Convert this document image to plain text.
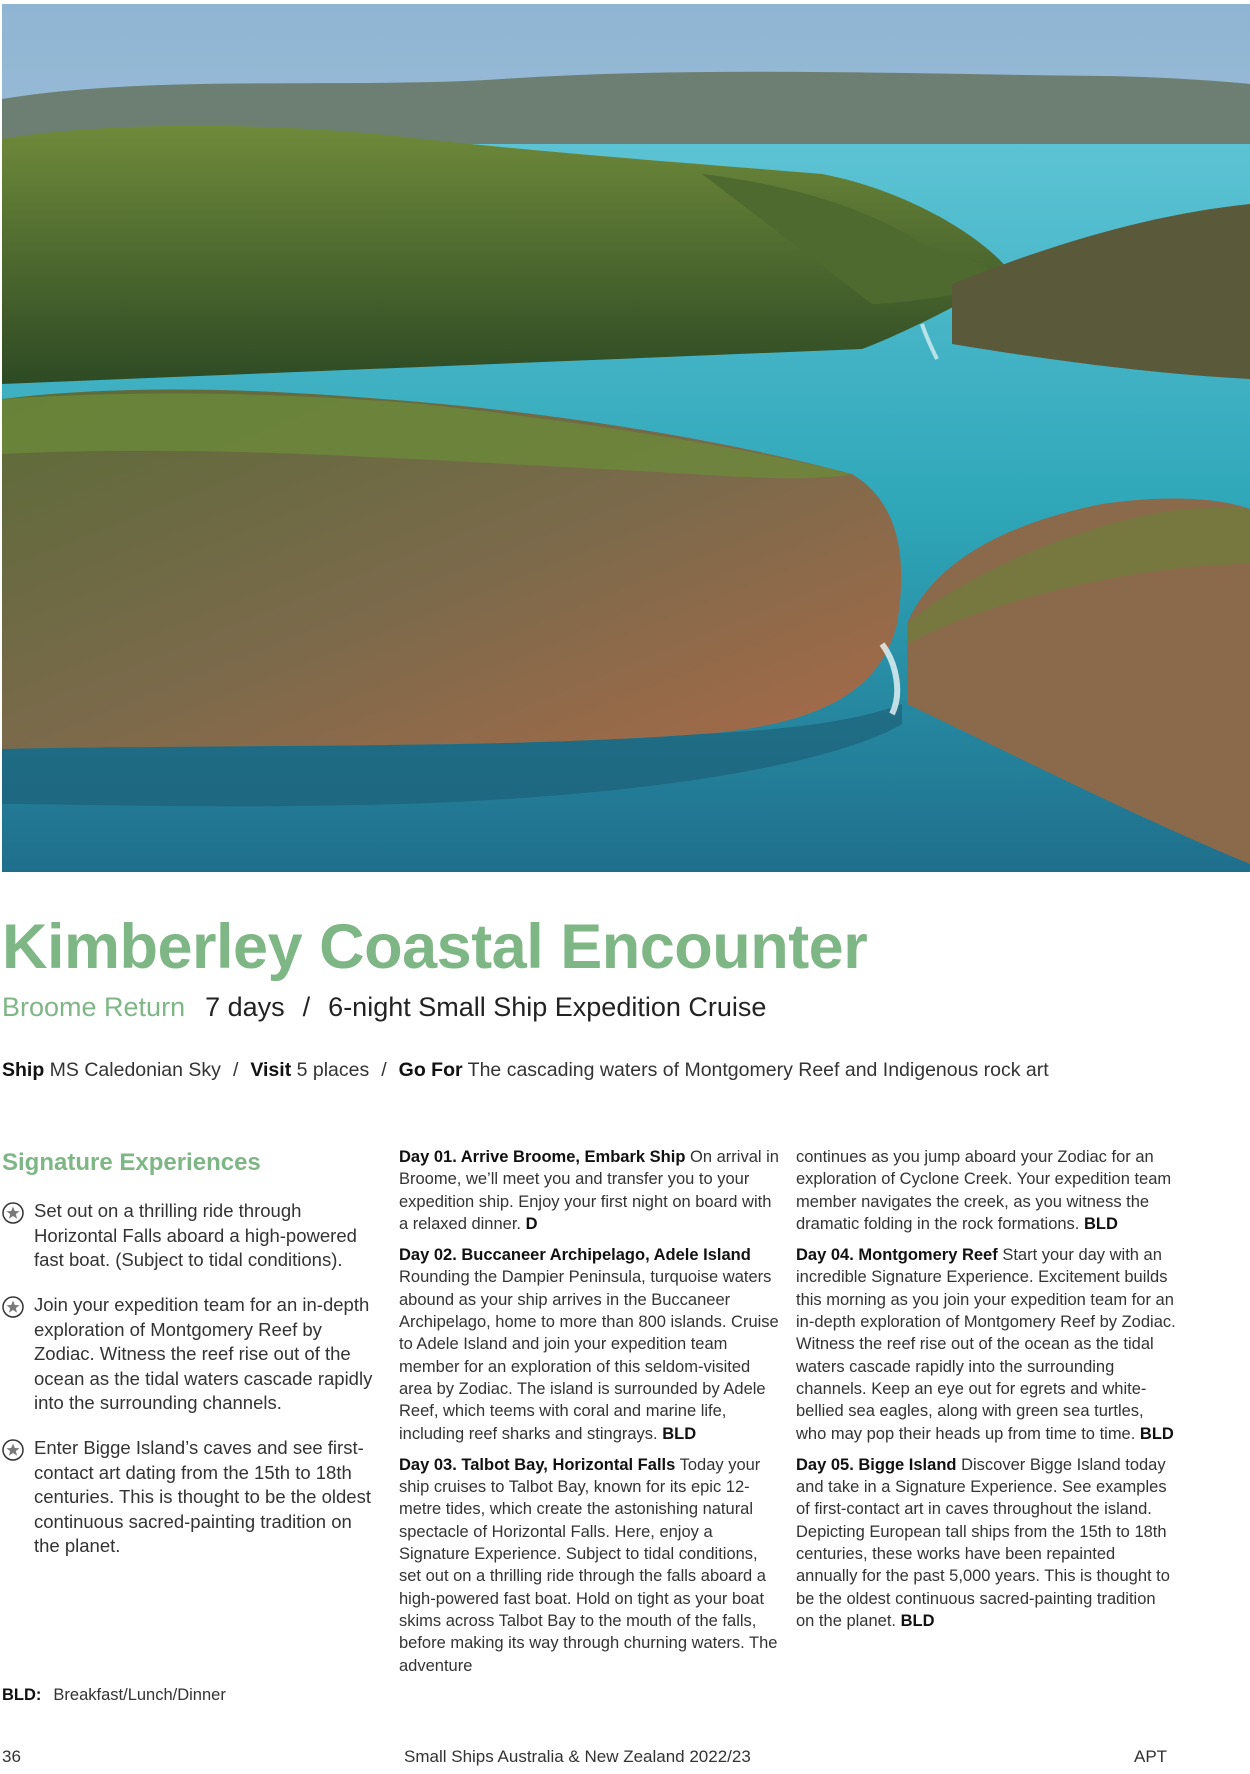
Kimberley Coastal Encounter
Broome Return 7 days / 6-night Small Ship Expedition Cruise
Ship MS Caledonian Sky / Visit 5 places / Go For The cascading waters of Montgomery Reef and Indigenous rock art
Signature Experiences
Set out on a thrilling ride through Horizontal Falls aboard a high-powered fast boat. (Subject to tidal conditions).
Join your expedition team for an in-depth exploration of Montgomery Reef by Zodiac. Witness the reef rise out of the ocean as the tidal waters cascade rapidly into the surrounding channels.
Enter Bigge Island’s caves and see first-contact art dating from the 15th to 18th centuries. This is thought to be the oldest continuous sacred-painting tradition on the planet.
BLD: Breakfast/Lunch/Dinner

Day 01. Arrive Broome, Embark Ship On arrival in Broome, we’ll meet you and transfer you to your expedition ship. Enjoy your first night on board with a relaxed dinner. D

Day 02. Buccaneer Archipelago, Adele Island Rounding the Dampier Peninsula, turquoise waters abound as your ship arrives in the Buccaneer Archipelago, home to more than 800 islands. Cruise to Adele Island and join your expedition team member for an exploration of this seldom-visited area by Zodiac. The island is surrounded by Adele Reef, which teems with coral and marine life, including reef sharks and stingrays. BLD

Day 03. Talbot Bay, Horizontal Falls Today your ship cruises to Talbot Bay, known for its epic 12-metre tides, which create the astonishing natural spectacle of Horizontal Falls. Here, enjoy a Signature Experience. Subject to tidal conditions, set out on a thrilling ride through the falls aboard a high-powered fast boat. Hold on tight as your boat skims across Talbot Bay to the mouth of the falls, before making its way through churning waters. The adventure

continues as you jump aboard your Zodiac for an exploration of Cyclone Creek. Your expedition team member navigates the creek, as you witness the dramatic folding in the rock formations. BLD

Day 04. Montgomery Reef Start your day with an incredible Signature Experience. Excitement builds this morning as you join your expedition team for an in-depth exploration of Montgomery Reef by Zodiac. Witness the reef rise out of the ocean as the tidal waters cascade rapidly into the surrounding channels. Keep an eye out for egrets and white-bellied sea eagles, along with green sea turtles, who may pop their heads up from time to time. BLD

Day 05. Bigge Island Discover Bigge Island today and take in a Signature Experience. See examples of first-contact art in caves throughout the island. Depicting European tall ships from the 15th to 18th centuries, these works have been repainted annually for the past 5,000 years. This is thought to be the oldest continuous sacred-painting tradition on the planet. BLD

36	Small Ships Australia & New Zealand 2022/23	APT
